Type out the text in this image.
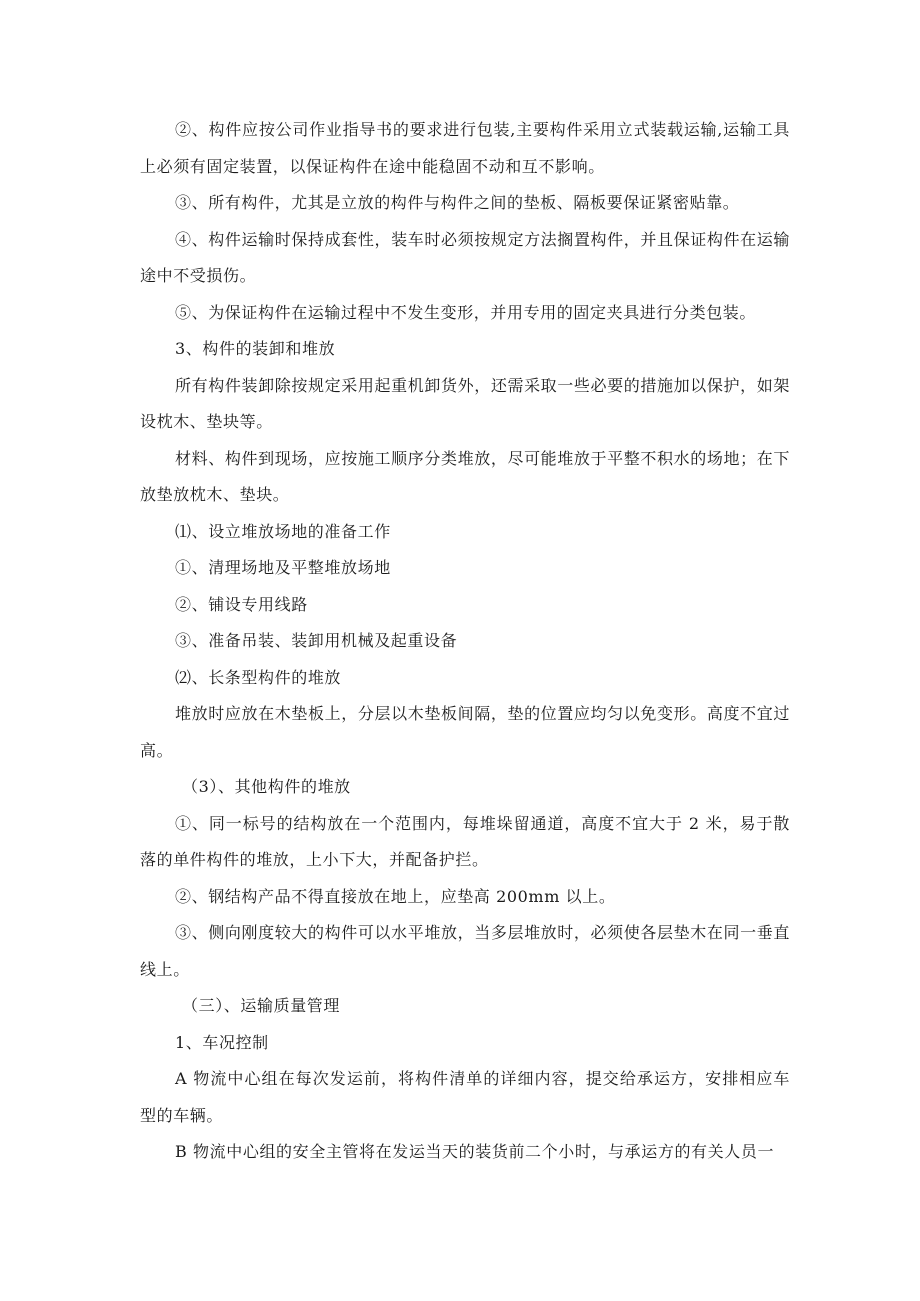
②、构件应按公司作业指导书的要求进行包装,主要构件采用立式装载运输,运输工具上必须有固定装置，以保证构件在途中能稳固不动和互不影响。

③、所有构件，尤其是立放的构件与构件之间的垫板、隔板要保证紧密贴靠。

④、构件运输时保持成套性，装车时必须按规定方法搁置构件，并且保证构件在运输途中不受损伤。

⑤、为保证构件在运输过程中不发生变形，并用专用的固定夹具进行分类包装。

3、构件的装卸和堆放

所有构件装卸除按规定采用起重机卸货外，还需采取一些必要的措施加以保护，如架设枕木、垫块等。

材料、构件到现场，应按施工顺序分类堆放，尽可能堆放于平整不积水的场地；在下放垫放枕木、垫块。

⑴、设立堆放场地的准备工作

①、清理场地及平整堆放场地

②、铺设专用线路

③、准备吊装、装卸用机械及起重设备

⑵、长条型构件的堆放

堆放时应放在木垫板上，分层以木垫板间隔，垫的位置应均匀以免变形。高度不宜过高。

（3）、其他构件的堆放

①、同一标号的结构放在一个范围内，每堆垛留通道，高度不宜大于 2 米，易于散落的单件构件的堆放，上小下大，并配备护拦。

②、钢结构产品不得直接放在地上，应垫高 200mm 以上。

③、侧向刚度较大的构件可以水平堆放，当多层堆放时，必须使各层垫木在同一垂直线上。

（三）、运输质量管理

1、车况控制

A 物流中心组在每次发运前，将构件清单的详细内容，提交给承运方，安排相应车型的车辆。

B 物流中心组的安全主管将在发运当天的装货前二个小时，与承运方的有关人员一
